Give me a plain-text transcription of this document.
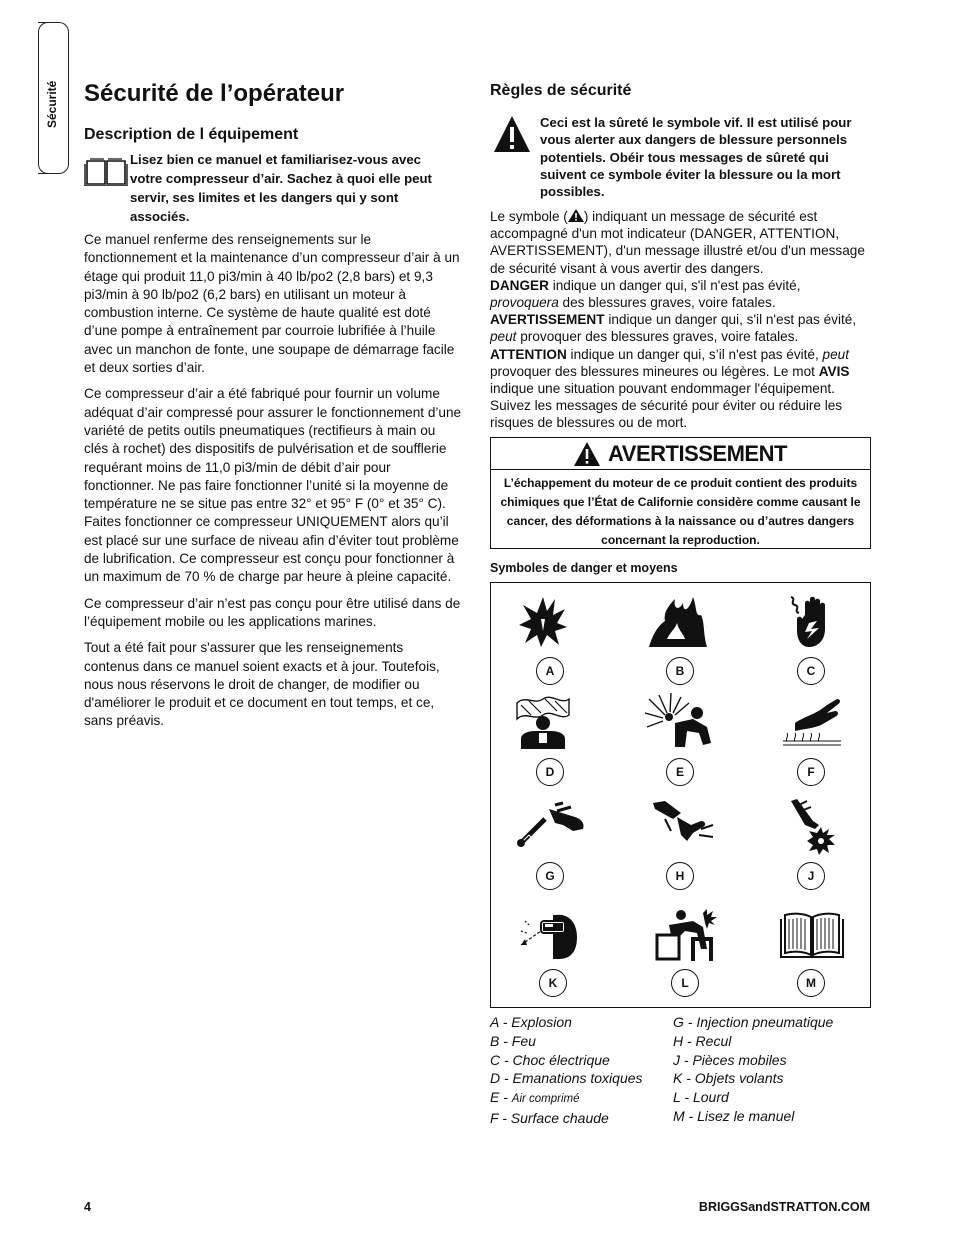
Sécurité Sécurité de l’opérateur
Description de l équipement
Lisez bien ce manuel et familiarisez-vous avec votre compresseur d’air. Sachez à quoi elle peut servir, ses limites et les dangers qui y sont associés.

Ce manuel renferme des renseignements sur le fonctionnement et la maintenance d’un compresseur d’air à un étage qui produit 11,0 pi3/min à 40 lb/po2 (2,8 bars) et 9,3 pi3/min à 90 lb/po2 (6,2 bars) en utilisant un moteur à combustion interne. Ce système de haute qualité est doté d’une pompe à entraînement par courroie lubrifiée à l’huile avec un manchon de fonte, une soupape de démarrage facile et deux sorties d’air.

Ce compresseur d’air a été fabriqué pour fournir un volume adéquat d’air compressé pour assurer le fonctionnement d’une variété de petits outils pneumatiques (rectifieurs à main ou clés à rochet) des dispositifs de pulvérisation et de soufflerie requérant moins de 11,0 pi3/min de débit d’air pour fonctionner. Ne pas faire fonctionner l’unité si la moyenne de température ne se situe pas entre 32° et 95° F (0° et 35° C). Faites fonctionner ce compresseur UNIQUEMENT alors qu’il est placé sur une surface de niveau afin d’éviter tout problème de lubrification. Ce compresseur est conçu pour fonctionner à un maximum de 70 % de charge par heure à pleine capacité.

Ce compresseur d’air n’est pas conçu pour être utilisé dans de l’équipement mobile ou les applications marines.

Tout a été fait pour s'assurer que les renseignements contenus dans ce manuel soient exacts et à jour. Toutefois, nous nous réservons le droit de changer, de modifier ou d'améliorer le produit et ce document en tout temps, et ce, sans préavis.

Règles de sécurité
Ceci est la sûreté le symbole vif. Il est utilisé pour vous alerter aux dangers de blessure personnels potentiels. Obéir tous messages de sûreté qui suivent ce symbole éviter la blessure ou la mort possibles.
Le symbole ( ) indiquant un message de sécurité est accompagné d'un mot indicateur (DANGER, ATTENTION, AVERTISSEMENT), d'un message illustré et/ou d'un message de sécurité visant à vous avertir des dangers.
DANGER indique un danger qui, s'il n'est pas évité, provoquera des blessures graves, voire fatales.
AVERTISSEMENT indique un danger qui, s'il n'est pas évité, peut provoquer des blessures graves, voire fatales.
ATTENTION indique un danger qui, s’il n'est pas évité, peut provoquer des blessures mineures ou légères. Le mot AVIS indique une situation pouvant endommager l'équipement. Suivez les messages de sécurité pour éviter ou réduire les risques de blessures ou de mort.
AVERTISSEMENT
L’échappement du moteur de ce produit contient des produits chimiques que l’État de Californie considère comme causant le cancer, des déformations à la naissance ou d’autres dangers concernant la reproduction.
Symboles de danger et moyens
A	B	C
D	E	F
G	H	J
K	L	M
A - Explosion
B - Feu
C - Choc électrique
D - Emanations toxiques
E - Air comprimé
F - Surface chaude
G - Injection pneumatique
H - Recul
J - Pièces mobiles
K - Objets volants
L - Lourd
M - Lisez le manuel
4	BRIGGSandSTRATTON.COM
